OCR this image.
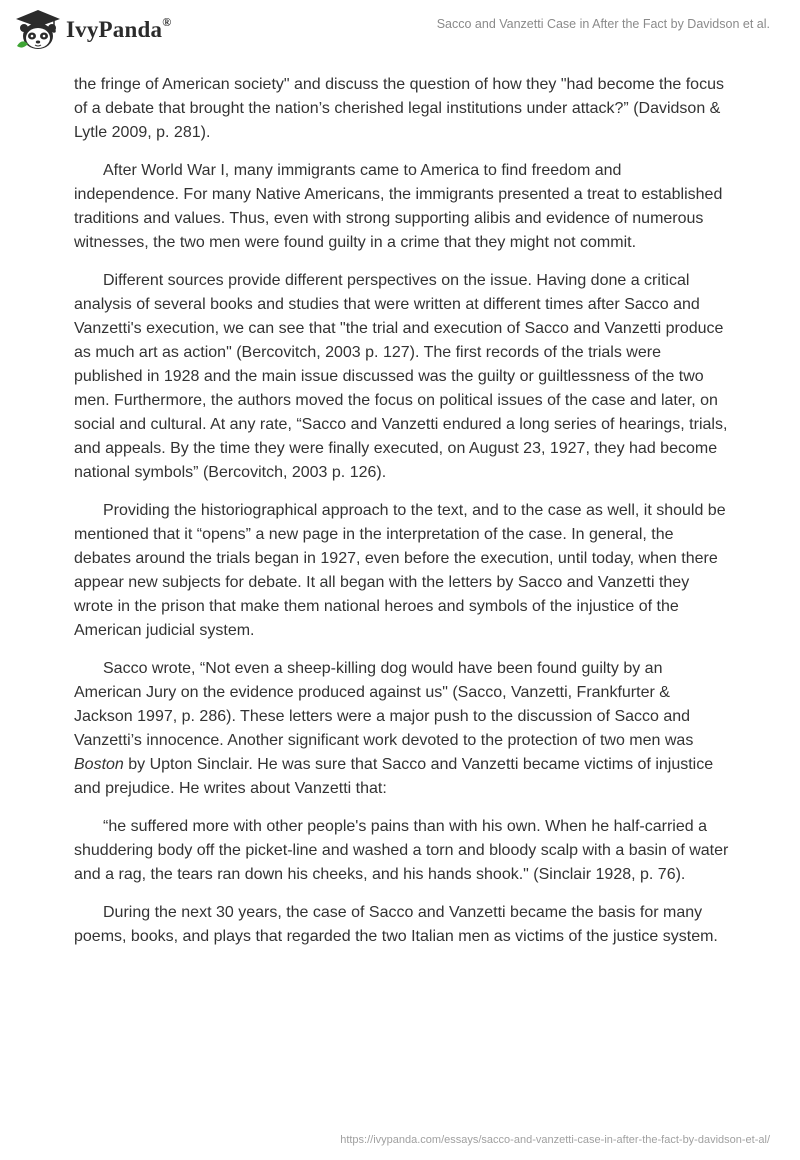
IvyPanda®	Sacco and Vanzetti Case in After the Fact by Davidson et al.

the fringe of American society" and discuss the question of how they "had become the focus of a debate that brought the nation’s cherished legal institutions under attack?” (Davidson & Lytle 2009, p. 281).

After World War I, many immigrants came to America to find freedom and independence. For many Native Americans, the immigrants presented a treat to established traditions and values. Thus, even with strong supporting alibis and evidence of numerous witnesses, the two men were found guilty in a crime that they might not commit.

Different sources provide different perspectives on the issue. Having done a critical analysis of several books and studies that were written at different times after Sacco and Vanzetti's execution, we can see that "the trial and execution of Sacco and Vanzetti produce as much art as action" (Bercovitch, 2003 p. 127). The first records of the trials were published in 1928 and the main issue discussed was the guilty or guiltlessness of the two men. Furthermore, the authors moved the focus on political issues of the case and later, on social and cultural. At any rate, “Sacco and Vanzetti endured a long series of hearings, trials, and appeals. By the time they were finally executed, on August 23, 1927, they had become national symbols” (Bercovitch, 2003 p. 126).

Providing the historiographical approach to the text, and to the case as well, it should be mentioned that it “opens” a new page in the interpretation of the case. In general, the debates around the trials began in 1927, even before the execution, until today, when there appear new subjects for debate. It all began with the letters by Sacco and Vanzetti they wrote in the prison that make them national heroes and symbols of the injustice of the American judicial system.

Sacco wrote, “Not even a sheep-killing dog would have been found guilty by an American Jury on the evidence produced against us" (Sacco, Vanzetti, Frankfurter & Jackson 1997, p. 286). These letters were a major push to the discussion of Sacco and Vanzetti’s innocence. Another significant work devoted to the protection of two men was Boston by Upton Sinclair. He was sure that Sacco and Vanzetti became victims of injustice and prejudice. He writes about Vanzetti that:

“he suffered more with other people's pains than with his own. When he half-carried a shuddering body off the picket-line and washed a torn and bloody scalp with a basin of water and a rag, the tears ran down his cheeks, and his hands shook." (Sinclair 1928, p. 76).

During the next 30 years, the case of Sacco and Vanzetti became the basis for many poems, books, and plays that regarded the two Italian men as victims of the justice system.

https://ivypanda.com/essays/sacco-and-vanzetti-case-in-after-the-fact-by-davidson-et-al/
